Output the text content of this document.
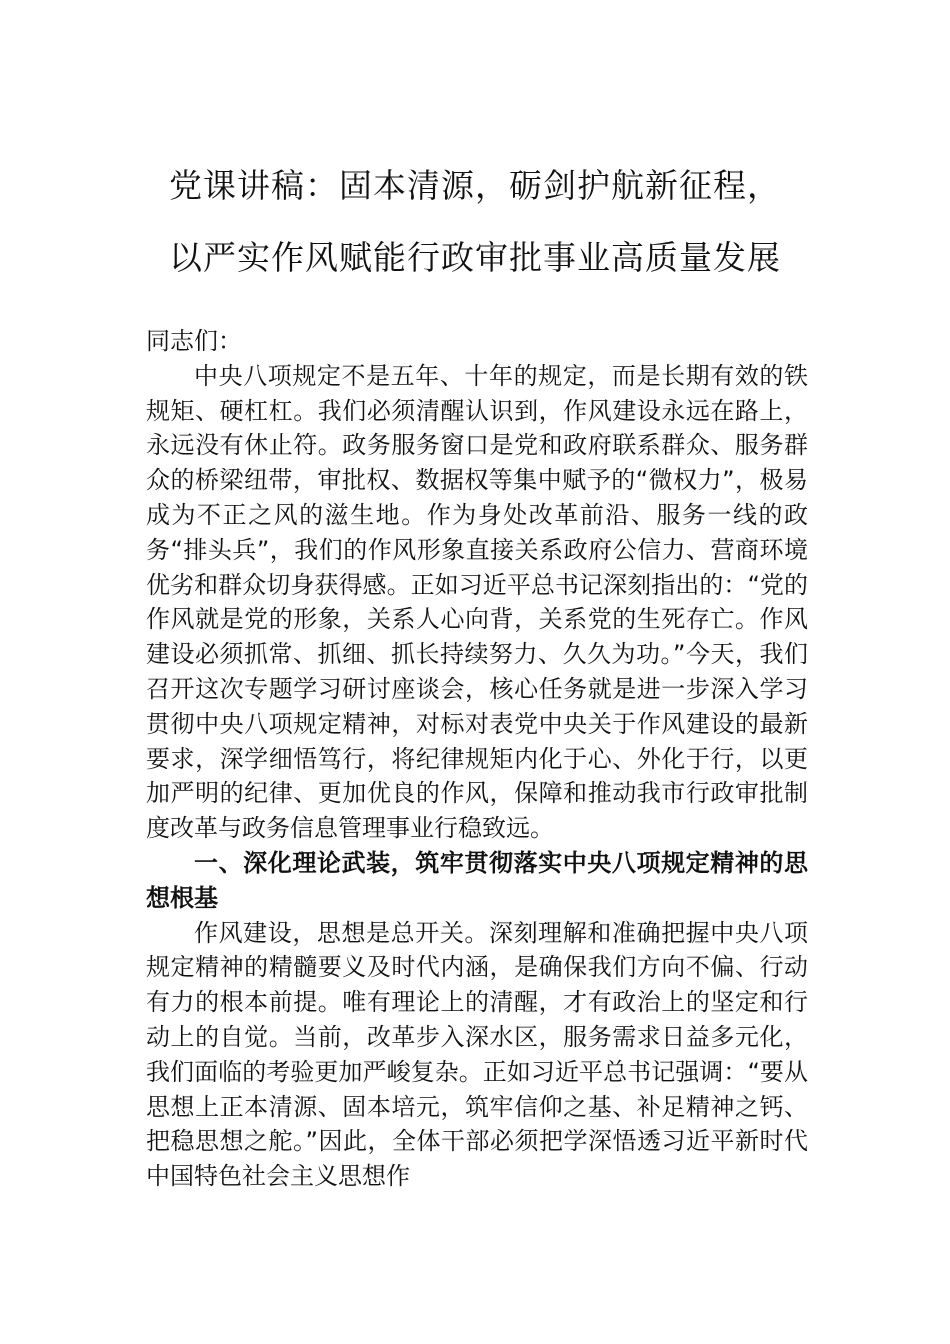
党课讲稿：固本清源，砺剑护航新征程，
以严实作风赋能行政审批事业高质量发展

同志们：

中央八项规定不是五年、十年的规定，而是长期有效的铁规矩、硬杠杠。我们必须清醒认识到，作风建设永远在路上，永远没有休止符。政务服务窗口是党和政府联系群众、服务群众的桥梁纽带，审批权、数据权等集中赋予的“微权力”，极易成为不正之风的滋生地。作为身处改革前沿、服务一线的政务“排头兵”，我们的作风形象直接关系政府公信力、营商环境优劣和群众切身获得感。正如习近平总书记深刻指出的：“党的作风就是党的形象，关系人心向背，关系党的生死存亡。作风建设必须抓常、抓细、抓长持续努力、久久为功。”今天，我们召开这次专题学习研讨座谈会，核心任务就是进一步深入学习贯彻中央八项规定精神，对标对表党中央关于作风建设的最新要求，深学细悟笃行，将纪律规矩内化于心、外化于行，以更加严明的纪律、更加优良的作风，保障和推动我市行政审批制度改革与政务信息管理事业行稳致远。

一、深化理论武装，筑牢贯彻落实中央八项规定精神的思想根基

作风建设，思想是总开关。深刻理解和准确把握中央八项规定精神的精髓要义及时代内涵，是确保我们方向不偏、行动有力的根本前提。唯有理论上的清醒，才有政治上的坚定和行动上的自觉。当前，改革步入深水区，服务需求日益多元化，我们面临的考验更加严峻复杂。正如习近平总书记强调：“要从思想上正本清源、固本培元，筑牢信仰之基、补足精神之钙、把稳思想之舵。”因此，全体干部必须把学深悟透习近平新时代中国特色社会主义思想作
